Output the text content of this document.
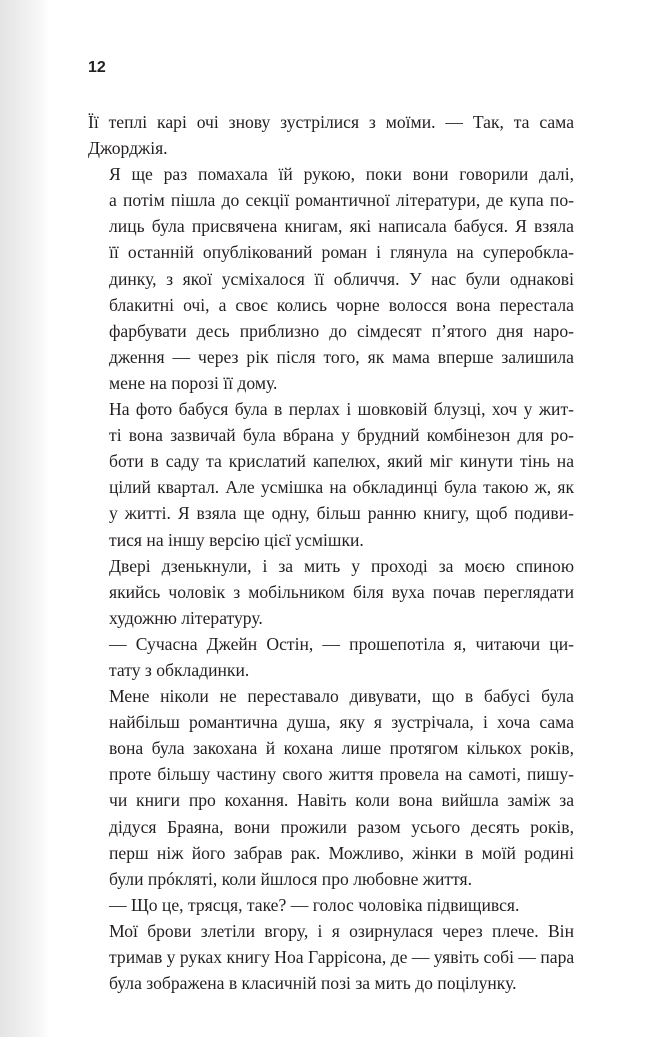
12

Її теплі карі очі знову зустрілися з моїми. — Так, та сама
Джорджія.

Я ще раз помахала їй рукою, поки вони говорили далі,
а потім пішла до секції романтичної літератури, де купа по-
лиць була присвячена книгам, які написала бабуся. Я взяла
її останній опублікований роман і глянула на суперобкла-
динку, з якої усміхалося її обличчя. У нас були однакові
блакитні очі, а своє колись чорне волосся вона перестала
фарбувати десь приблизно до сімдесят п’ятого дня наро-
дження — через рік після того, як мама вперше залишила
мене на порозі її дому.

На фото бабуся була в перлах і шовковій блузці, хоч у жит-
ті вона зазвичай була вбрана у брудний комбінезон для ро-
боти в саду та крислатий капелюх, який міг кинути тінь на
цілий квартал. Але усмішка на обкладинці була такою ж, як
у житті. Я взяла ще одну, більш ранню книгу, щоб подиви-
тися на іншу версію цієї усмішки.

Двері дзенькнули, і за мить у проході за моєю спиною
якийсь чоловік з мобільником біля вуха почав переглядати
художню літературу.

— Сучасна Джейн Остін, — прошепотіла я, читаючи ци-
тату з обкладинки.

Мене ніколи не переставало дивувати, що в бабусі була
найбільш романтична душа, яку я зустрічала, і хоча сама
вона була закохана й кохана лише протягом кількох років,
проте більшу частину свого життя провела на самоті, пишу-
чи книги про кохання. Навіть коли вона вийшла заміж за
дідуся Браяна, вони прожили разом усього десять років,
перш ніж його забрав рак. Можливо, жінки в моїй родині
були прóкляті, коли йшлося про любовне життя.

— Що це, трясця, таке? — голос чоловіка підвищився.

Мої брови злетіли вгору, і я озирнулася через плече. Він
тримав у руках книгу Ноа Гаррісона, де — уявіть собі — пара
була зображена в класичній позі за мить до поцілунку.
